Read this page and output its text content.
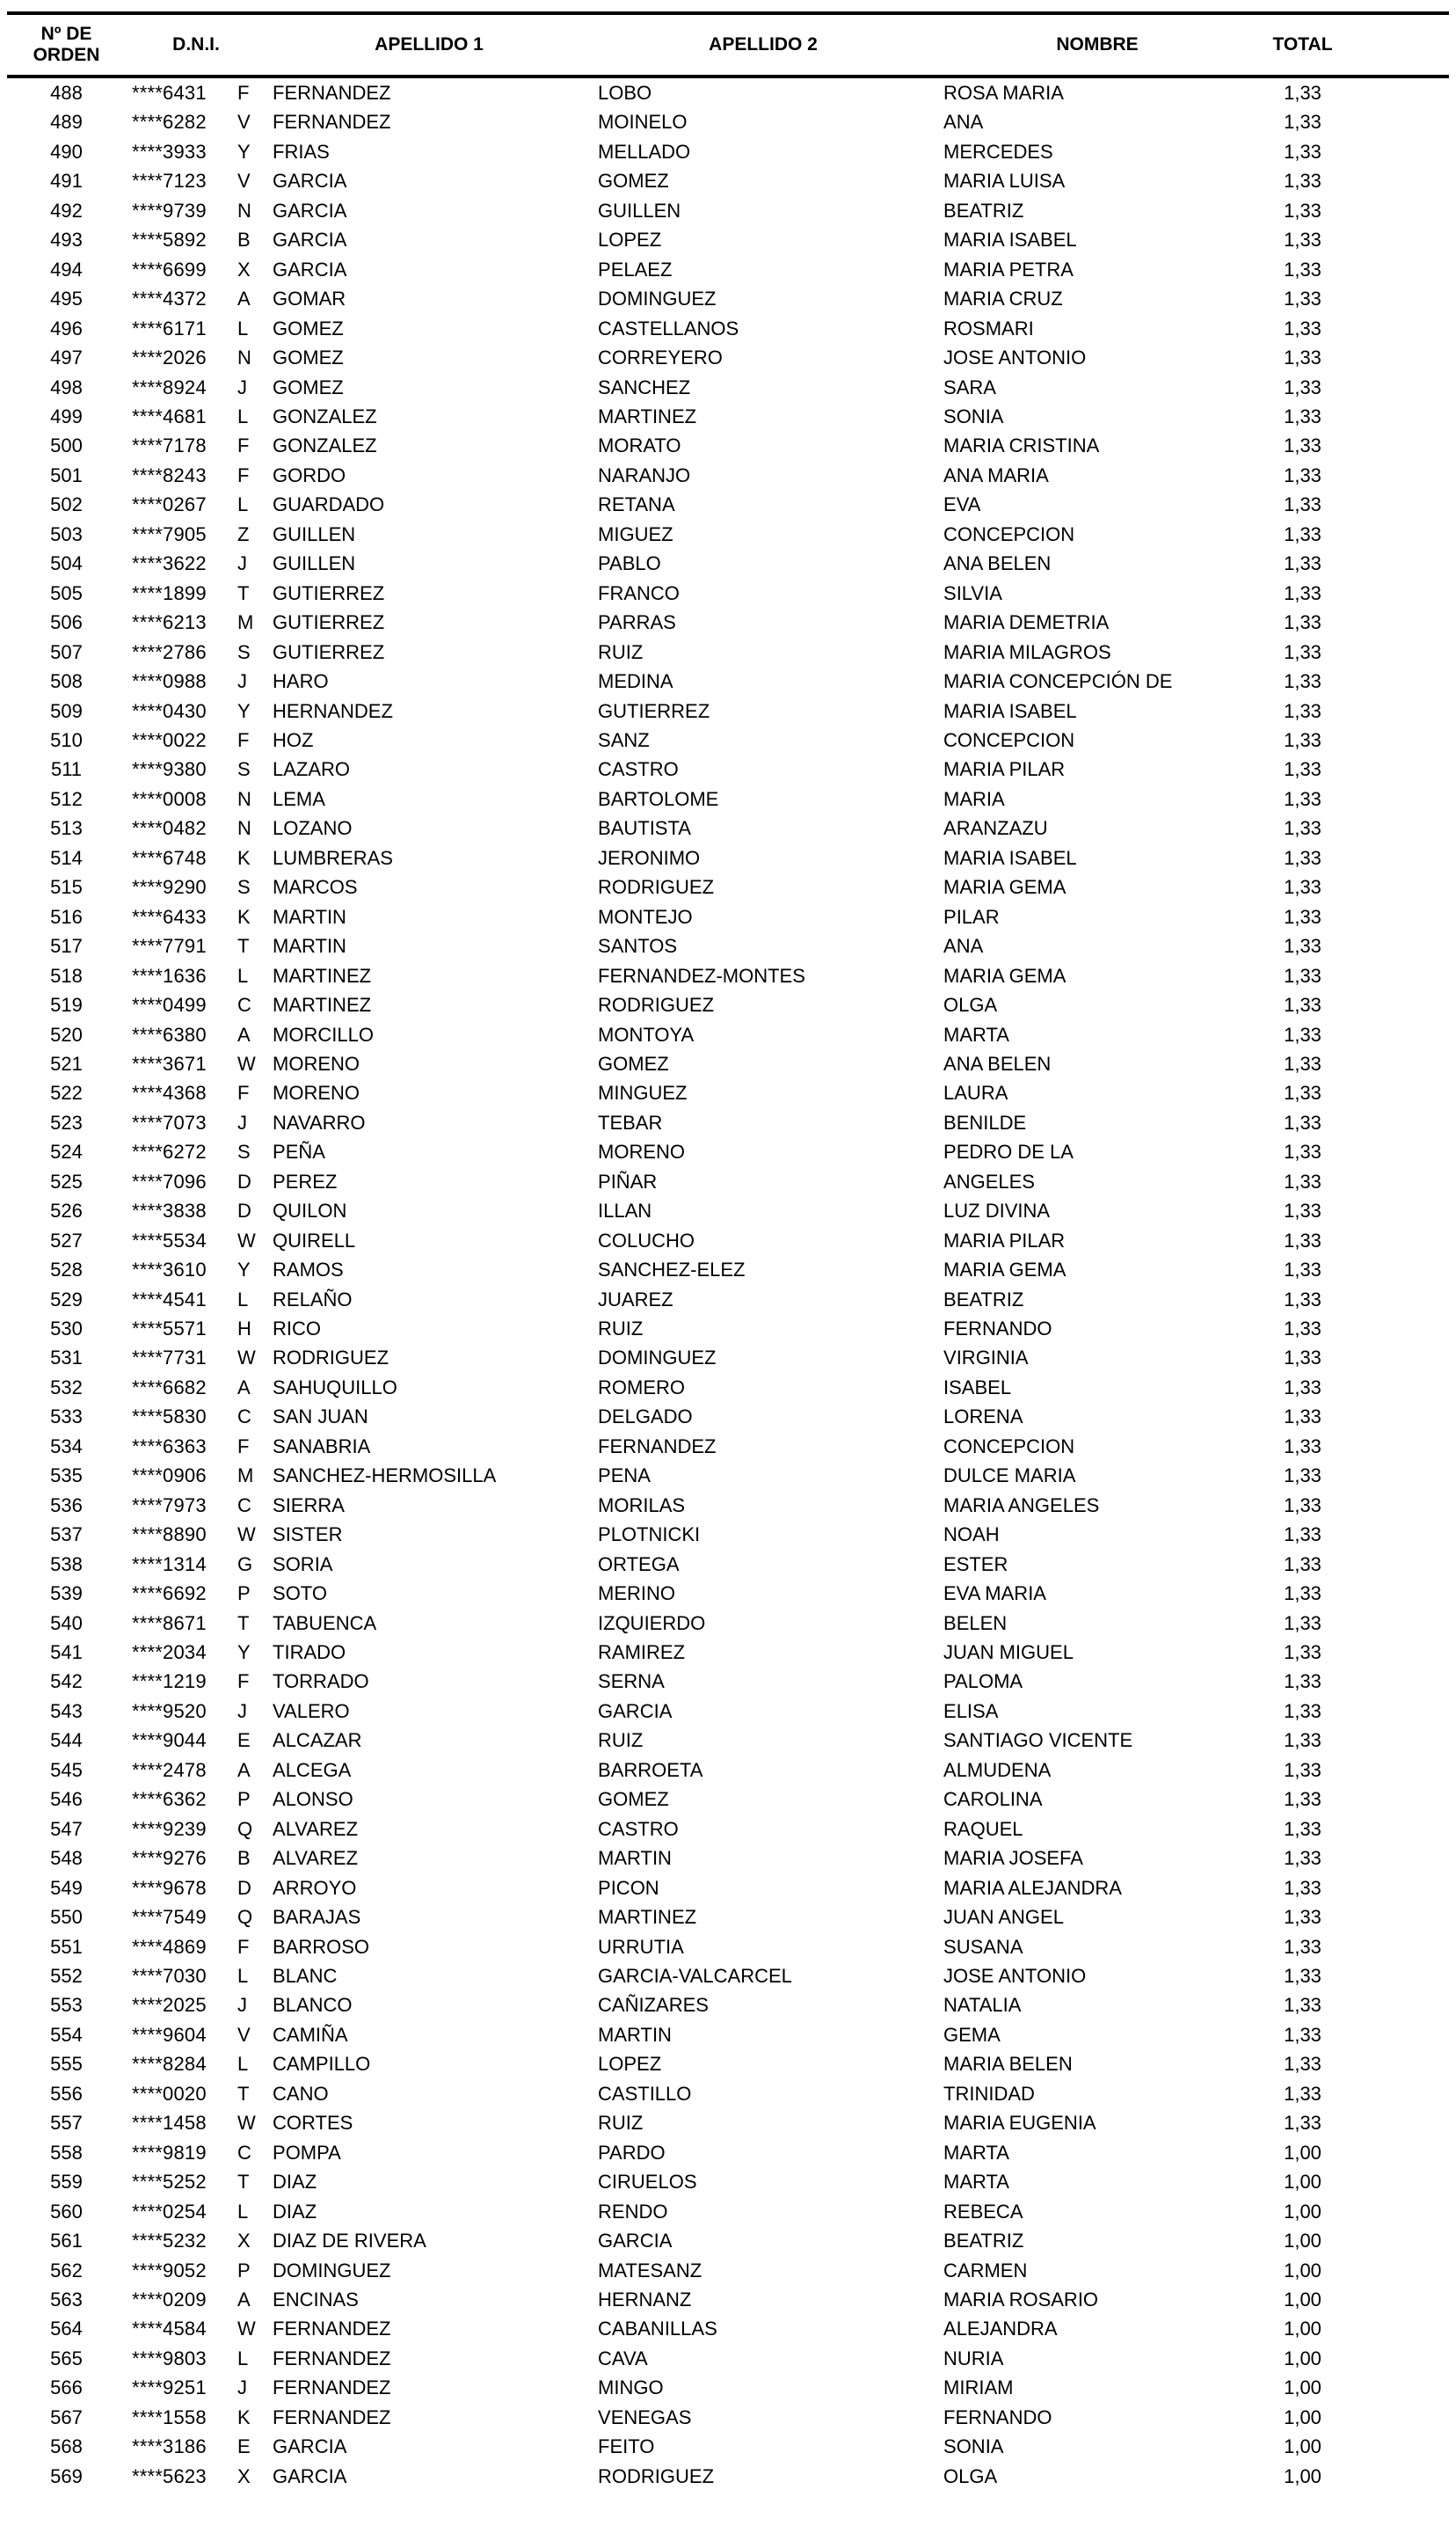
Nº DE ORDEN	D.N.I.		APELLIDO 1	APELLIDO 2	NOMBRE	TOTAL
488	****6431	F	FERNANDEZ	LOBO	ROSA MARIA	1,33
489	****6282	V	FERNANDEZ	MOINELO	ANA	1,33
490	****3933	Y	FRIAS	MELLADO	MERCEDES	1,33
491	****7123	V	GARCIA	GOMEZ	MARIA LUISA	1,33
492	****9739	N	GARCIA	GUILLEN	BEATRIZ	1,33
493	****5892	B	GARCIA	LOPEZ	MARIA ISABEL	1,33
494	****6699	X	GARCIA	PELAEZ	MARIA PETRA	1,33
495	****4372	A	GOMAR	DOMINGUEZ	MARIA CRUZ	1,33
496	****6171	L	GOMEZ	CASTELLANOS	ROSMARI	1,33
497	****2026	N	GOMEZ	CORREYERO	JOSE ANTONIO	1,33
498	****8924	J	GOMEZ	SANCHEZ	SARA	1,33
499	****4681	L	GONZALEZ	MARTINEZ	SONIA	1,33
500	****7178	F	GONZALEZ	MORATO	MARIA CRISTINA	1,33
501	****8243	F	GORDO	NARANJO	ANA MARIA	1,33
502	****0267	L	GUARDADO	RETANA	EVA	1,33
503	****7905	Z	GUILLEN	MIGUEZ	CONCEPCION	1,33
504	****3622	J	GUILLEN	PABLO	ANA BELEN	1,33
505	****1899	T	GUTIERREZ	FRANCO	SILVIA	1,33
506	****6213	M	GUTIERREZ	PARRAS	MARIA DEMETRIA	1,33
507	****2786	S	GUTIERREZ	RUIZ	MARIA MILAGROS	1,33
508	****0988	J	HARO	MEDINA	MARIA CONCEPCIÓN DE	1,33
509	****0430	Y	HERNANDEZ	GUTIERREZ	MARIA ISABEL	1,33
510	****0022	F	HOZ	SANZ	CONCEPCION	1,33
511	****9380	S	LAZARO	CASTRO	MARIA PILAR	1,33
512	****0008	N	LEMA	BARTOLOME	MARIA	1,33
513	****0482	N	LOZANO	BAUTISTA	ARANZAZU	1,33
514	****6748	K	LUMBRERAS	JERONIMO	MARIA ISABEL	1,33
515	****9290	S	MARCOS	RODRIGUEZ	MARIA GEMA	1,33
516	****6433	K	MARTIN	MONTEJO	PILAR	1,33
517	****7791	T	MARTIN	SANTOS	ANA	1,33
518	****1636	L	MARTINEZ	FERNANDEZ-MONTES	MARIA GEMA	1,33
519	****0499	C	MARTINEZ	RODRIGUEZ	OLGA	1,33
520	****6380	A	MORCILLO	MONTOYA	MARTA	1,33
521	****3671	W	MORENO	GOMEZ	ANA BELEN	1,33
522	****4368	F	MORENO	MINGUEZ	LAURA	1,33
523	****7073	J	NAVARRO	TEBAR	BENILDE	1,33
524	****6272	S	PEÑA	MORENO	PEDRO DE LA	1,33
525	****7096	D	PEREZ	PIÑAR	ANGELES	1,33
526	****3838	D	QUILON	ILLAN	LUZ DIVINA	1,33
527	****5534	W	QUIRELL	COLUCHO	MARIA PILAR	1,33
528	****3610	Y	RAMOS	SANCHEZ-ELEZ	MARIA GEMA	1,33
529	****4541	L	RELAÑO	JUAREZ	BEATRIZ	1,33
530	****5571	H	RICO	RUIZ	FERNANDO	1,33
531	****7731	W	RODRIGUEZ	DOMINGUEZ	VIRGINIA	1,33
532	****6682	A	SAHUQUILLO	ROMERO	ISABEL	1,33
533	****5830	C	SAN JUAN	DELGADO	LORENA	1,33
534	****6363	F	SANABRIA	FERNANDEZ	CONCEPCION	1,33
535	****0906	M	SANCHEZ-HERMOSILLA	PENA	DULCE MARIA	1,33
536	****7973	C	SIERRA	MORILAS	MARIA ANGELES	1,33
537	****8890	W	SISTER	PLOTNICKI	NOAH	1,33
538	****1314	G	SORIA	ORTEGA	ESTER	1,33
539	****6692	P	SOTO	MERINO	EVA MARIA	1,33
540	****8671	T	TABUENCA	IZQUIERDO	BELEN	1,33
541	****2034	Y	TIRADO	RAMIREZ	JUAN MIGUEL	1,33
542	****1219	F	TORRADO	SERNA	PALOMA	1,33
543	****9520	J	VALERO	GARCIA	ELISA	1,33
544	****9044	E	ALCAZAR	RUIZ	SANTIAGO VICENTE	1,33
545	****2478	A	ALCEGA	BARROETA	ALMUDENA	1,33
546	****6362	P	ALONSO	GOMEZ	CAROLINA	1,33
547	****9239	Q	ALVAREZ	CASTRO	RAQUEL	1,33
548	****9276	B	ALVAREZ	MARTIN	MARIA JOSEFA	1,33
549	****9678	D	ARROYO	PICON	MARIA ALEJANDRA	1,33
550	****7549	Q	BARAJAS	MARTINEZ	JUAN ANGEL	1,33
551	****4869	F	BARROSO	URRUTIA	SUSANA	1,33
552	****7030	L	BLANC	GARCIA-VALCARCEL	JOSE ANTONIO	1,33
553	****2025	J	BLANCO	CAÑIZARES	NATALIA	1,33
554	****9604	V	CAMIÑA	MARTIN	GEMA	1,33
555	****8284	L	CAMPILLO	LOPEZ	MARIA BELEN	1,33
556	****0020	T	CANO	CASTILLO	TRINIDAD	1,33
557	****1458	W	CORTES	RUIZ	MARIA EUGENIA	1,33
558	****9819	C	POMPA	PARDO	MARTA	1,00
559	****5252	T	DIAZ	CIRUELOS	MARTA	1,00
560	****0254	L	DIAZ	RENDO	REBECA	1,00
561	****5232	X	DIAZ DE RIVERA	GARCIA	BEATRIZ	1,00
562	****9052	P	DOMINGUEZ	MATESANZ	CARMEN	1,00
563	****0209	A	ENCINAS	HERNANZ	MARIA ROSARIO	1,00
564	****4584	W	FERNANDEZ	CABANILLAS	ALEJANDRA	1,00
565	****9803	L	FERNANDEZ	CAVA	NURIA	1,00
566	****9251	J	FERNANDEZ	MINGO	MIRIAM	1,00
567	****1558	K	FERNANDEZ	VENEGAS	FERNANDO	1,00
568	****3186	E	GARCIA	FEITO	SONIA	1,00
569	****5623	X	GARCIA	RODRIGUEZ	OLGA	1,00
